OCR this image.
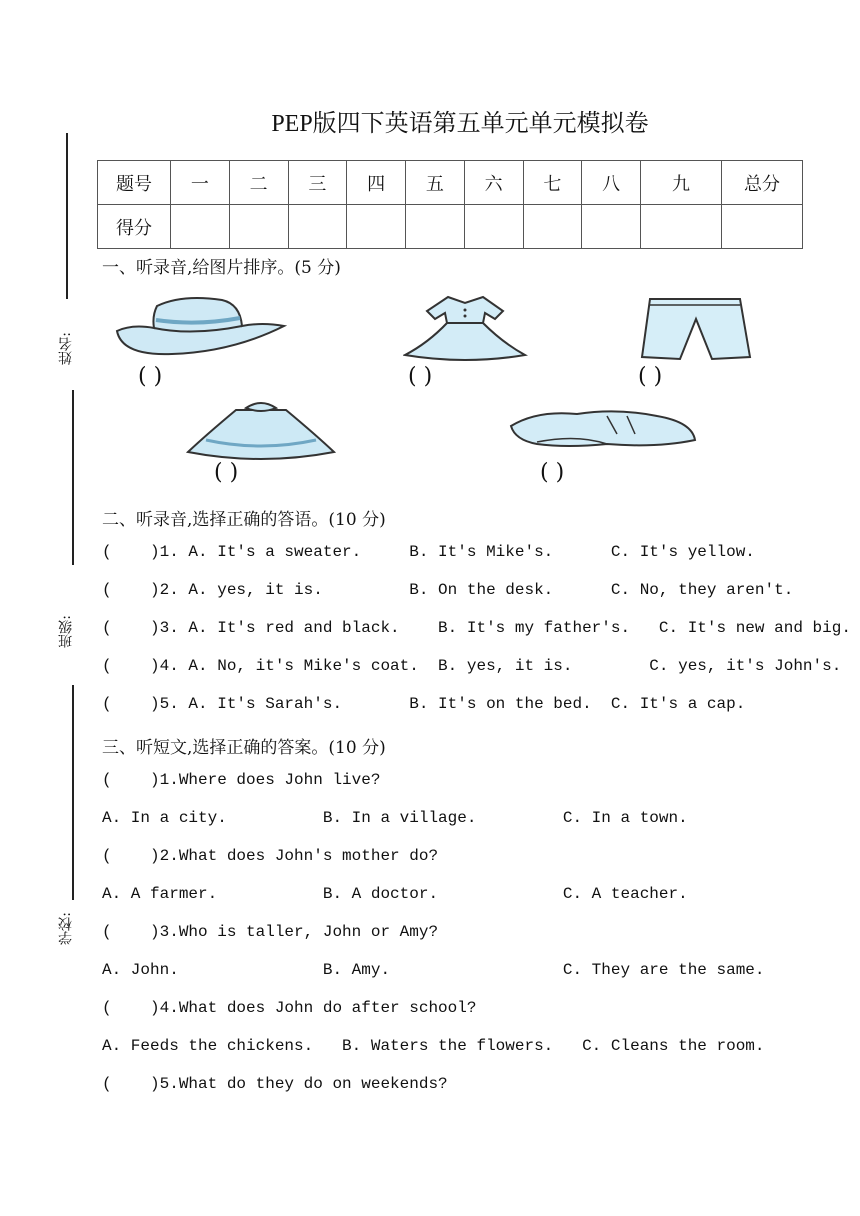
姓名:
班级:
学校:
PEP版四下英语第五单元单元模拟卷
题号	一	二	三	四	五	六	七	八	九	总分
得分										
一、听录音,给图片排序。(5 分)
( )	( )	( )
( )	( )
二、听录音,选择正确的答语。(10 分)
(    )1. A. It's a sweater.     B. It's Mike's.      C. It's yellow.
(    )2. A. yes, it is.         B. On the desk.      C. No, they aren't.
(    )3. A. It's red and black.    B. It's my father's.   C. It's new and big.
(    )4. A. No, it's Mike's coat.  B. yes, it is.        C. yes, it's John's.
(    )5. A. It's Sarah's.       B. It's on the bed.  C. It's a cap.
三、听短文,选择正确的答案。(10 分)
(    )1.Where does John live?
A. In a city.          B. In a village.         C. In a town.
(    )2.What does John's mother do?
A. A farmer.           B. A doctor.             C. A teacher.
(    )3.Who is taller, John or Amy?
A. John.               B. Amy.                  C. They are the same.
(    )4.What does John do after school?
A. Feeds the chickens.   B. Waters the flowers.   C. Cleans the room.
(    )5.What do they do on weekends?
